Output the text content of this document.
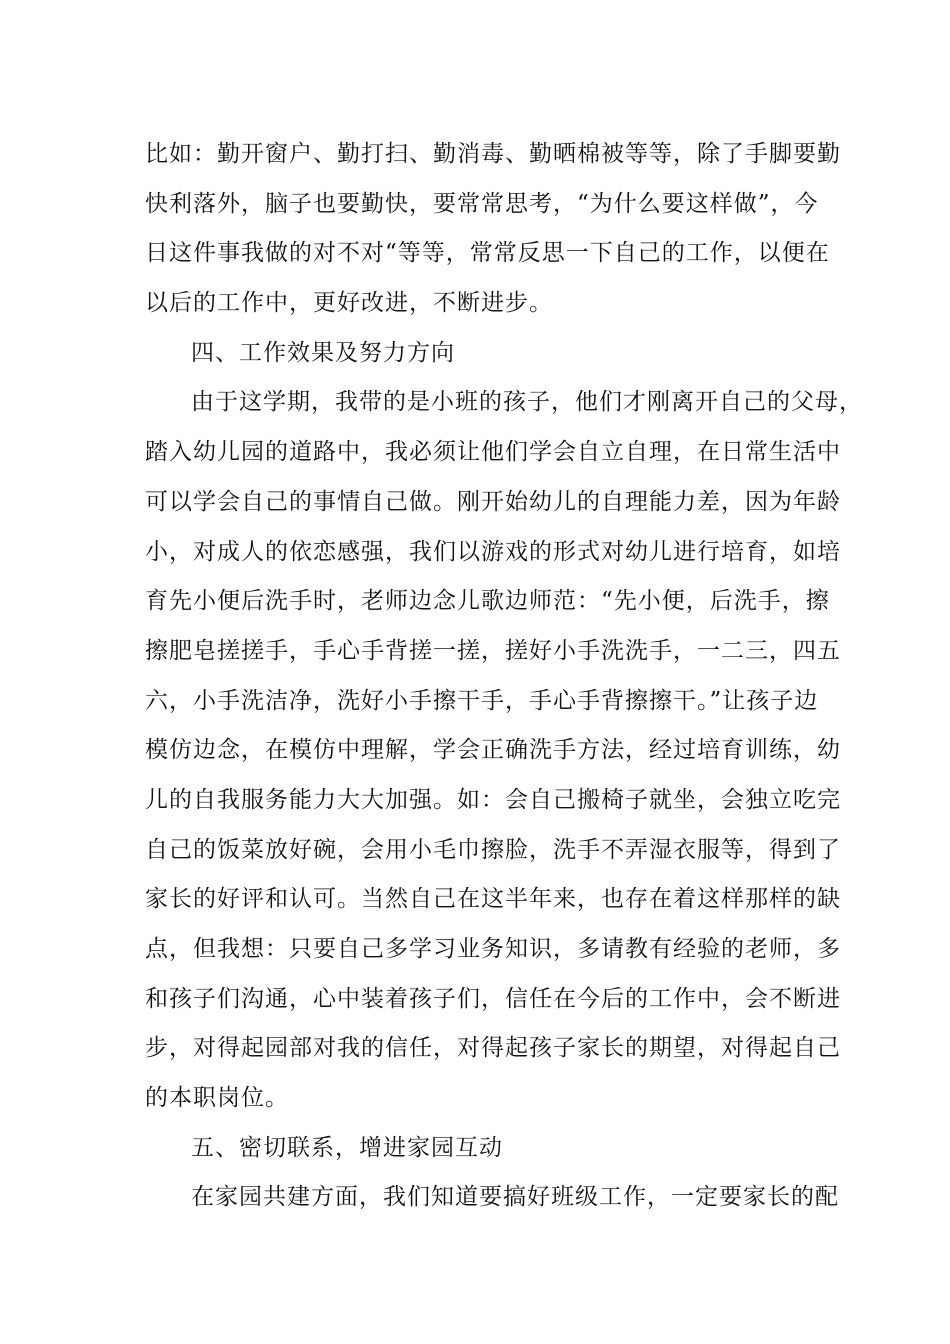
比如：勤开窗户、勤打扫、勤消毒、勤晒棉被等等，除了手脚要勤
快利落外，脑子也要勤快，要常常思考，“为什么要这样做”，今
日这件事我做的对不对“等等，常常反思一下自己的工作，以便在
以后的工作中，更好改进，不断进步。
四、工作效果及努力方向
由于这学期，我带的是小班的孩子，他们才刚离开自己的父母，
踏入幼儿园的道路中，我必须让他们学会自立自理，在日常生活中
可以学会自己的事情自己做。刚开始幼儿的自理能力差，因为年龄
小，对成人的依恋感强，我们以游戏的形式对幼儿进行培育，如培
育先小便后洗手时，老师边念儿歌边师范：“先小便，后洗手，擦
擦肥皂搓搓手，手心手背搓一搓，搓好小手洗洗手，一二三，四五
六，小手洗洁净，洗好小手擦干手，手心手背擦擦干。”让孩子边
模仿边念，在模仿中理解，学会正确洗手方法，经过培育训练，幼
儿的自我服务能力大大加强。如：会自己搬椅子就坐，会独立吃完
自己的饭菜放好碗，会用小毛巾擦脸，洗手不弄湿衣服等，得到了
家长的好评和认可。当然自己在这半年来，也存在着这样那样的缺
点，但我想：只要自己多学习业务知识，多请教有经验的老师，多
和孩子们沟通，心中装着孩子们，信任在今后的工作中，会不断进
步，对得起园部对我的信任，对得起孩子家长的期望，对得起自己
的本职岗位。
五、密切联系，增进家园互动
在家园共建方面，我们知道要搞好班级工作，一定要家长的配
